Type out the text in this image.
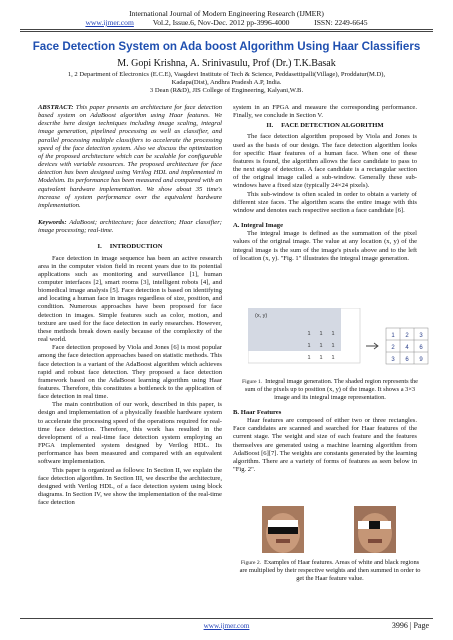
International Journal of Modern Engineering Research (IJMER)
www.ijmer.com Vol.2, Issue.6, Nov-Dec. 2012 pp-3996-4000	ISSN: 2249-6645
Face Detection System on Ada boost Algorithm Using Haar Classifiers
M. Gopi Krishna, A. Srinivasulu, Prof (Dr.) T.K.Basak
1, 2 Department of Electronics (E.C.E), Vaagdevi Institute of Tech & Science, Peddasettipalli(Village), Proddatur(M.D),
Kadapa(Dist), Andhra Pradesh A.P, India.
3 Dean (R&D), JIS College of Engineering, Kalyani,W.B.

ABSTRACT: This paper presents an architecture for face detection based system on AdaBoost algorithm using Haar features. We describe here design techniques including image scaling, integral image generation, pipelined processing as well as classifier, and parallel processing multiple classifiers to accelerate the processing speed of the face detection system. Also we discuss the optimization of the proposed architecture which can be scalable for configurable devices with variable resources. The proposed architecture for face detection has been designed using Verilog HDL and implemented in Modelsim. Its performance has been measured and compared with an equivalent hardware implementation. We show about 35 time's increase of system performance over the equivalent hardware implementation.

Keywords: AdaBoost; architecture; face detection; Haar classifier; image processing; real-time.

I. INTRODUCTION

Face detection in image sequence has been an active research area in the computer vision field in recent years due to its potential applications such as monitoring and surveillance [1], human computer interfaces [2], smart rooms [3], intelligent robots [4], and biomedical image analysis [5]. Face detection is based on identifying and locating a human face in images regardless of size, position, and condition. Numerous approaches have been proposed for face detection in images. Simple features such as color, motion, and texture are used for the face detection in early researches. However, these methods break down easily because of the complexity of the real world.

Face detection proposed by Viola and Jones [6] is most popular among the face detection approaches based on statistic methods. This face detection is a variant of the AdaBoost algorithm which achieves rapid and robust face detection. They proposed a face detection framework based on the AdaBoost learning algorithm using Haar features. Therefore, this constitutes a bottleneck to the application of face detection in real time.

The main contribution of our work, described in this paper, is design and implementation of a physically feasible hardware system to accelerate the processing speed of the operations required for real-time face detection. Therefore, this work has resulted in the development of a real-time face detection system employing an FPGA implemented system designed by Verilog HDL. Its performance has been measured and compared with an equivalent software implementation.

This paper is organized as follows: In Section II, we explain the face detection algorithm. In Section III, we describe the architecture, designed with Verilog HDL, of a face detection system using block diagrams. In Section IV, we show the implementation of the real-time face detection

system in an FPGA and measure the corresponding performance. Finally, we conclude in Section V.

II. FACE DETECTION ALGORITHM

The face detection algorithm proposed by Viola and Jones is used as the basis of our design. The face detection algorithm looks for specific Haar features of a human face. When one of these features is found, the algorithm allows the face candidate to pass to the next stage of detection. A face candidate is a rectangular section of the original image called a sub-window. Generally these sub-windows have a fixed size (typically 24×24 pixels).

This sub-window is often scaled in order to obtain a variety of different size faces. The algorithm scans the entire image with this window and denotes each respective section a face candidate [6].

A. Integral Image

The integral image is defined as the summation of the pixel values of the original image. The value at any location (x, y) of the integral image is the sum of the image's pixels above and to the left of location (x, y). "Fig. 1" illustrates the integral image generation.

(x, y)
1 1 1
1 1 1
1 1 1
1 2 3
2 4 6
3 6 9
Figure 1. Integral image generation. The shaded region represents the sum of the pixels up to position (x, y) of the image. It shows a 3×3 image and its integral image representation.
B. Haar Features

Haar features are composed of either two or three rectangles. Face candidates are scanned and searched for Haar features of the current stage. The weight and size of each feature and the features themselves are generated using a machine learning algorithm from AdaBoost [6][7]. The weights are constants generated by the learning algorithm. There are a variety of forms of features as seen below in "Fig. 2".

Figure 2. Examples of Haar features. Areas of white and black regions are multiplied by their respective weights and then summed in order to get the Haar feature value.
www.ijmer.com	3996 | Page
